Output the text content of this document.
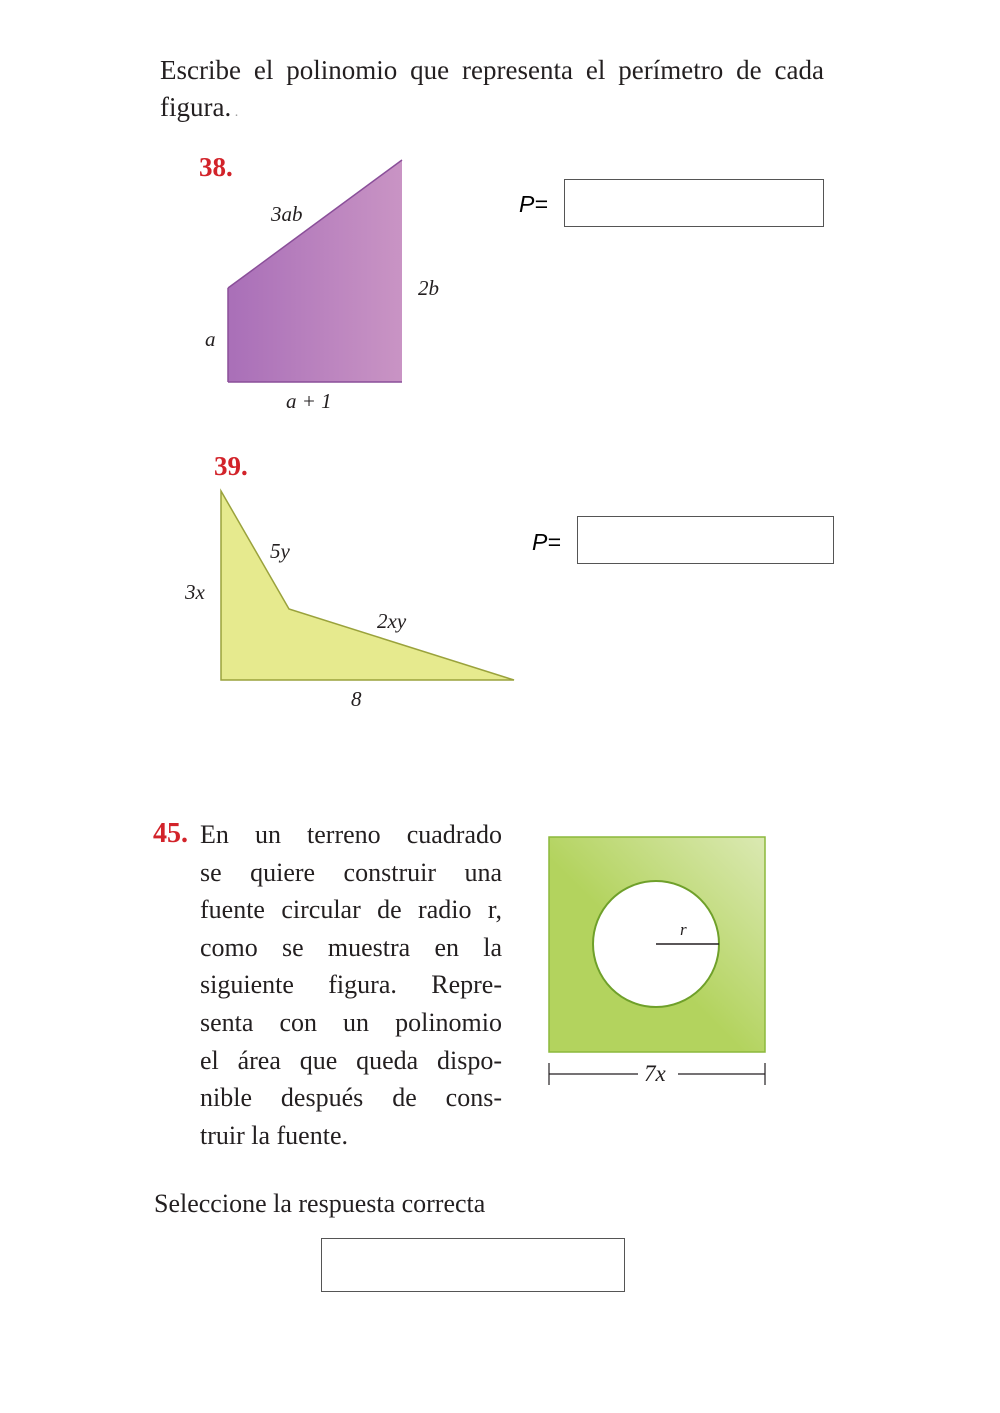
Escribe el polinomio que representa el perímetro de cada figura. .
38.
3ab
2b
a
a + 1
P=
39.
5y
3x
2xy
8
P=
45. En un terreno cuadrado
se quiere construir una
fuente circular de radio r,
como se muestra en la
siguiente figura. Repre-
senta con un polinomio
el área que queda dispo-
nible después de cons-
truir la fuente.
r
7x
Seleccione la respuesta correcta
